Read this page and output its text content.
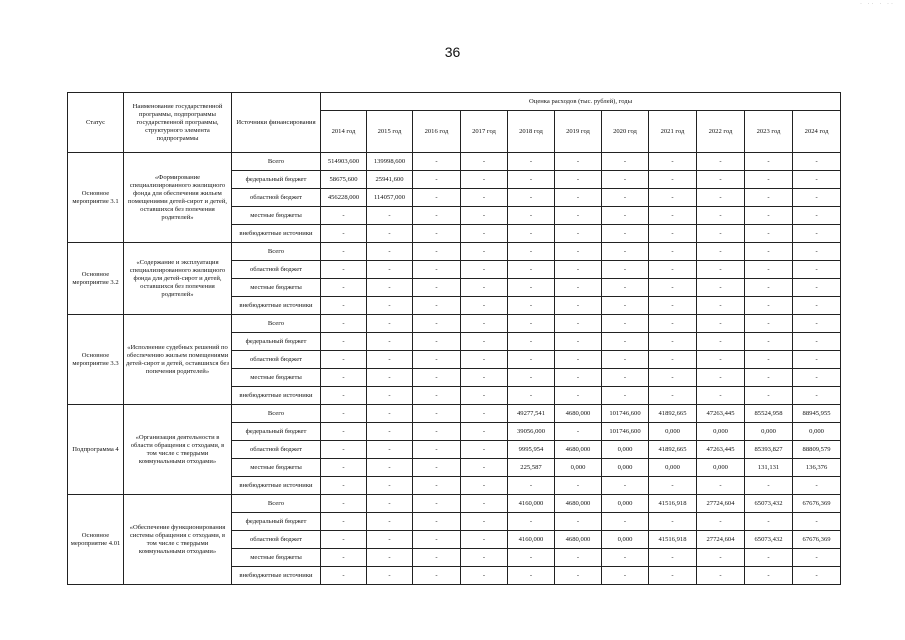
· ·· · ··
36
Статус	Наименование государственной программы, подпрограммы государственной программы, структурного элемента подпрограммы	Источники финансирования	Оценка расходов (тыс. рублей), годы										
			2014 год	2015 год	2016 год	2017 год	2018 год	2019 год	2020 год	2021 год	2022 год	2023 год	2024 год
Основное мероприятие 3.1	«Формирование специализированного жилищного фонда для обеспечения жильем помещениями детей-сирот и детей, оставшихся без попечения родителей»	Всего	514903,600	139998,600	-	-	-	-	-	-	-	-	-
		федеральный бюджет	58675,600	25941,600	-	-	-	-	-	-	-	-	-
		областной бюджет	456228,000	114057,000	-	-	-	-	-	-	-	-	-
		местные бюджеты	-	-	-	-	-	-	-	-	-	-	-
		внебюджетные источники	-	-	-	-	-	-	-	-	-	-	-
Основное мероприятие 3.2	«Содержание и эксплуатация специализированного жилищного фонда для детей-сирот и детей, оставшихся без попечения родителей»	Всего	-	-	-	-	-	-	-	-	-	-	-
		областной бюджет	-	-	-	-	-	-	-	-	-	-	-
		местные бюджеты	-	-	-	-	-	-	-	-	-	-	-
		внебюджетные источники	-	-	-	-	-	-	-	-	-	-	-
Основное мероприятие 3.3	«Исполнение судебных решений по обеспечению жильем помещениями детей-сирот и детей, оставшихся без попечения родителей»	Всего	-	-	-	-	-	-	-	-	-	-	-
		федеральный бюджет	-	-	-	-	-	-	-	-	-	-	-
		областной бюджет	-	-	-	-	-	-	-	-	-	-	-
		местные бюджеты	-	-	-	-	-	-	-	-	-	-	-
		внебюджетные источники	-	-	-	-	-	-	-	-	-	-	-
Подпрограмма 4	«Организация деятельности в области обращения с отходами, в том числе с твердыми коммунальными отходами»	Всего	-	-	-	-	49277,541	4680,000	101746,600	41892,665	47263,445	85524,958	88945,955
		федеральный бюджет	-	-	-	-	39056,000	-	101746,600	0,000	0,000	0,000	0,000
		областной бюджет	-	-	-	-	9995,954	4680,000	0,000	41892,665	47263,445	85393,827	88809,579
		местные бюджеты	-	-	-	-	225,587	0,000	0,000	0,000	0,000	131,131	136,376
		внебюджетные источники	-	-	-	-	-	-	-	-	-	-	-
Основное мероприятие 4.01	«Обеспечение функционирования системы обращения с отходами, в том числе с твердыми коммунальными отходами»	Всего	-	-	-	-	4160,000	4680,000	0,000	41516,918	27724,604	65073,432	67676,369
		федеральный бюджет	-	-	-	-	-	-	-	-	-	-	-
		областной бюджет	-	-	-	-	4160,000	4680,000	0,000	41516,918	27724,604	65073,432	67676,369
		местные бюджеты	-	-	-	-	-	-	-	-	-	-	-
		внебюджетные источники	-	-	-	-	-	-	-	-	-	-	-
